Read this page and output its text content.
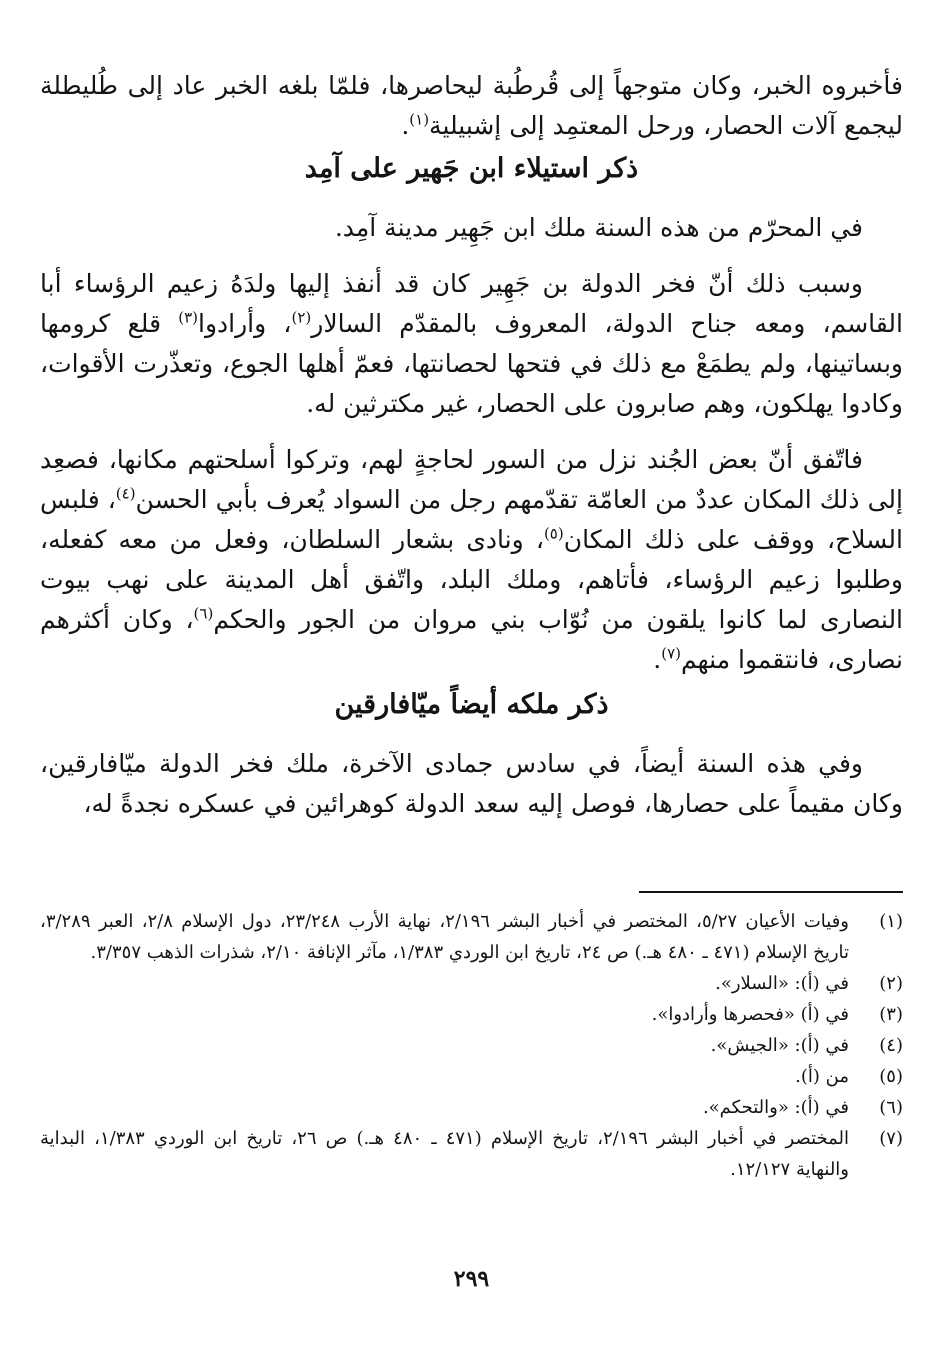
فأخبروه الخبر، وكان متوجهاً إلى قُرطُبة ليحاصرها، فلمّا بلغه الخبر عاد إلى طُليطلة ليجمع آلات الحصار، ورحل المعتمِد إلى إشبيلية$^{(١)}$.

ذكر استيلاء ابن جَهير على آمِد

في المحرّم من هذه السنة ملك ابن جَهِير مدينة آمِد.

وسبب ذلك أنّ فخر الدولة بن جَهِير كان قد أنفذ إليها ولدَهُ زعيم الرؤساء أبا القاسم، ومعه جناح الدولة، المعروف بالمقدّم السالار$^{(٢)}$، وأرادوا$^{(٣)}$ قلع كرومها وبساتينها، ولم يطمَعْ مع ذلك في فتحها لحصانتها، فعمّ أهلها الجوع، وتعذّرت الأقوات، وكادوا يهلكون، وهم صابرون على الحصار، غير مكترثين له.

فاتّفق أنّ بعض الجُند نزل من السور لحاجةٍ لهم، وتركوا أسلحتهم مكانها، فصعِد إلى ذلك المكان عددٌ من العامّة تقدّمهم رجل من السواد يُعرف بأبي الحسن$^{(٤)}$، فلبس السلاح، ووقف على ذلك المكان$^{(٥)}$، ونادى بشعار السلطان، وفعل من معه كفعله، وطلبوا زعيم الرؤساء، فأتاهم، وملك البلد، واتّفق أهل المدينة على نهب بيوت النصارى لما كانوا يلقون من نُوّاب بني مروان من الجور والحكم$^{(٦)}$، وكان أكثرهم نصارى، فانتقموا منهم$^{(٧)}$.

ذكر ملكه أيضاً ميّافارقين

وفي هذه السنة أيضاً، في سادس جمادى الآخرة، ملك فخر الدولة ميّافارقين، وكان مقيماً على حصارها، فوصل إليه سعد الدولة كوهرائين في عسكره نجدةً له،

(١)
وفيات الأعيان ٥/٢٧، المختصر في أخبار البشر ٢/١٩٦، نهاية الأرب ٢٣/٢٤٨، دول الإسلام ٢/٨، العبر ٣/٢٨٩، تاريخ الإسلام (٤٧١ ـ ٤٨٠ هـ.) ص ٢٤، تاريخ ابن الوردي ١/٣٨٣، مآثر الإنافة ٢/١٠، شذرات الذهب ٣/٣٥٧.
(٢)
في (أ): «السلار».
(٣)
في (أ) «فحصرها وأرادوا».
(٤)
في (أ): «الجيش».
(٥)
من (أ).
(٦)
في (أ): «والتحكم».
(٧)
المختصر في أخبار البشر ٢/١٩٦، تاريخ الإسلام (٤٧١ ـ ٤٨٠ هـ.) ص ٢٦، تاريخ ابن الوردي ١/٣٨٣، البداية والنهاية ١٢/١٢٧.
٢٩٩
